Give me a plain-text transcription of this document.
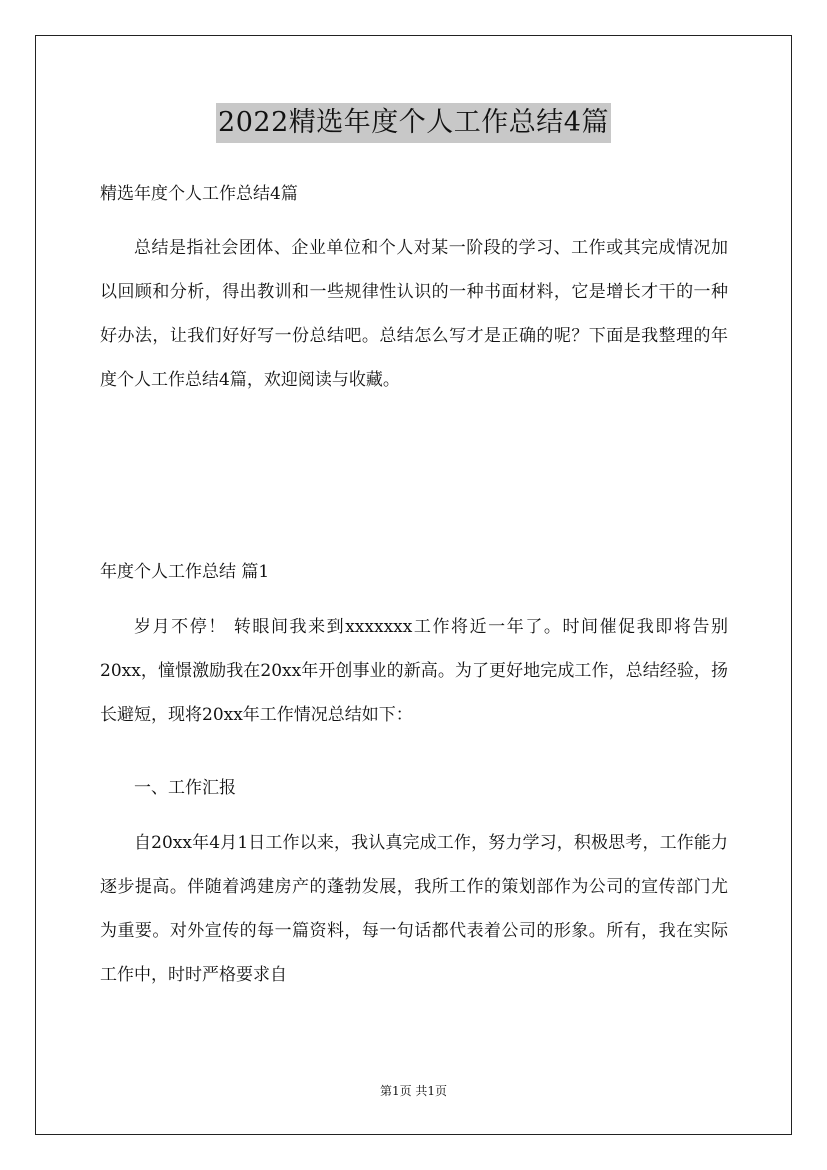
2022精选年度个人工作总结4篇

精选年度个人工作总结4篇

总结是指社会团体、企业单位和个人对某一阶段的学习、工作或其完成情况加以回顾和分析，得出教训和一些规律性认识的一种书面材料，它是增长才干的一种好办法，让我们好好写一份总结吧。总结怎么写才是正确的呢？下面是我整理的年度个人工作总结4篇，欢迎阅读与收藏。

年度个人工作总结 篇1

岁月不停！ 转眼间我来到xxxxxxx工作将近一年了。时间催促我即将告别20xx，憧憬激励我在20xx年开创事业的新高。为了更好地完成工作，总结经验，扬长避短，现将20xx年工作情况总结如下：

一、工作汇报

自20xx年4月1日工作以来，我认真完成工作，努力学习，积极思考，工作能力逐步提高。伴随着鸿建房产的蓬勃发展，我所工作的策划部作为公司的宣传部门尤为重要。对外宣传的每一篇资料，每一句话都代表着公司的形象。所有，我在实际工作中，时时严格要求自

第1页 共1页
